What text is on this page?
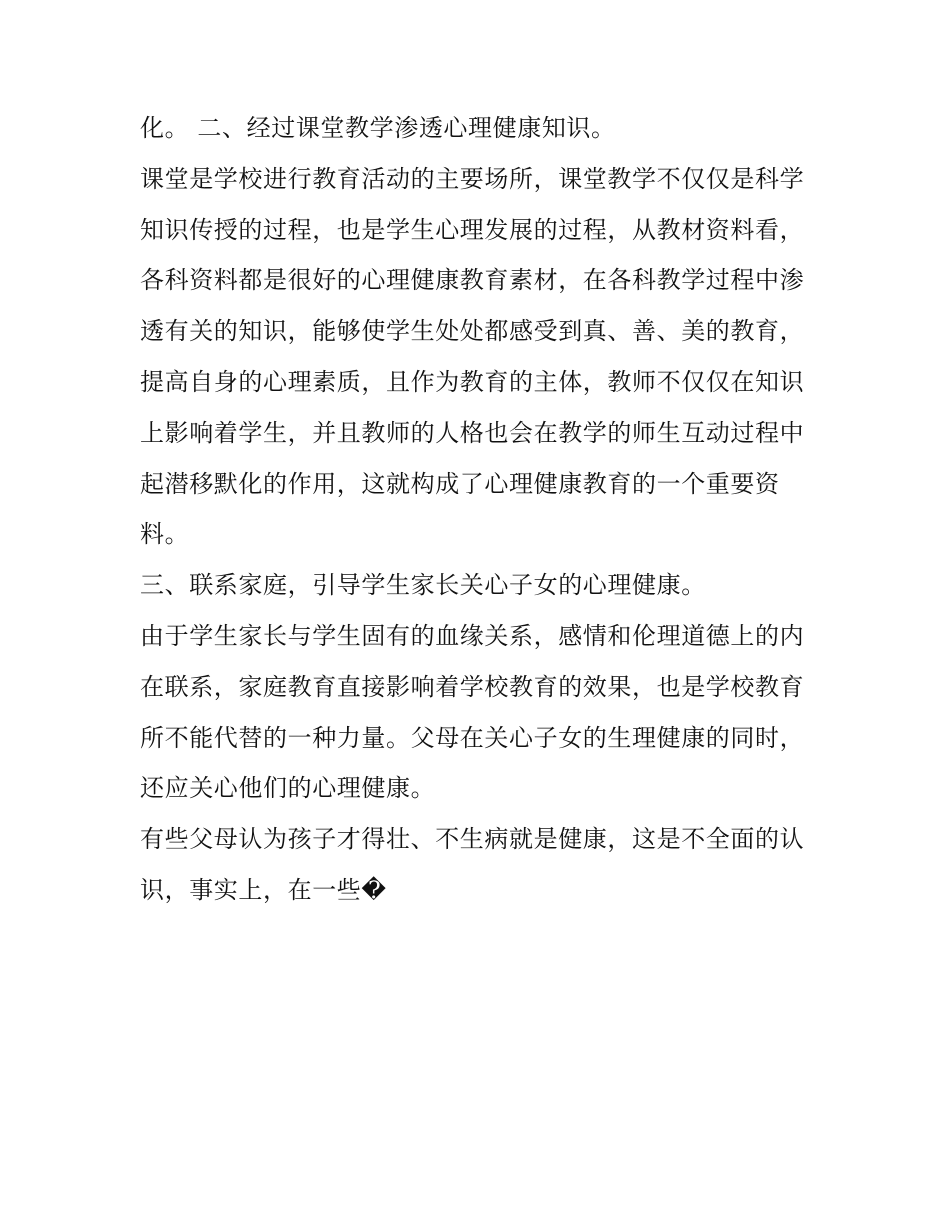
化。 二、经过课堂教学渗透心理健康知识。
课堂是学校进行教育活动的主要场所，课堂教学不仅仅是科学
知识传授的过程，也是学生心理发展的过程，从教材资料看，
各科资料都是很好的心理健康教育素材，在各科教学过程中渗
透有关的知识，能够使学生处处都感受到真、善、美的教育，
提高自身的心理素质，且作为教育的主体，教师不仅仅在知识
上影响着学生，并且教师的人格也会在教学的师生互动过程中
起潜移默化的作用，这就构成了心理健康教育的一个重要资
料。
三、联系家庭，引导学生家长关心子女的心理健康。
由于学生家长与学生固有的血缘关系，感情和伦理道德上的内
在联系，家庭教育直接影响着学校教育的效果，也是学校教育
所不能代替的一种力量。父母在关心子女的生理健康的同时，
还应关心他们的心理健康。
有些父母认为孩子才得壮、不生病就是健康，这是不全面的认
识，事实上，在一些�
